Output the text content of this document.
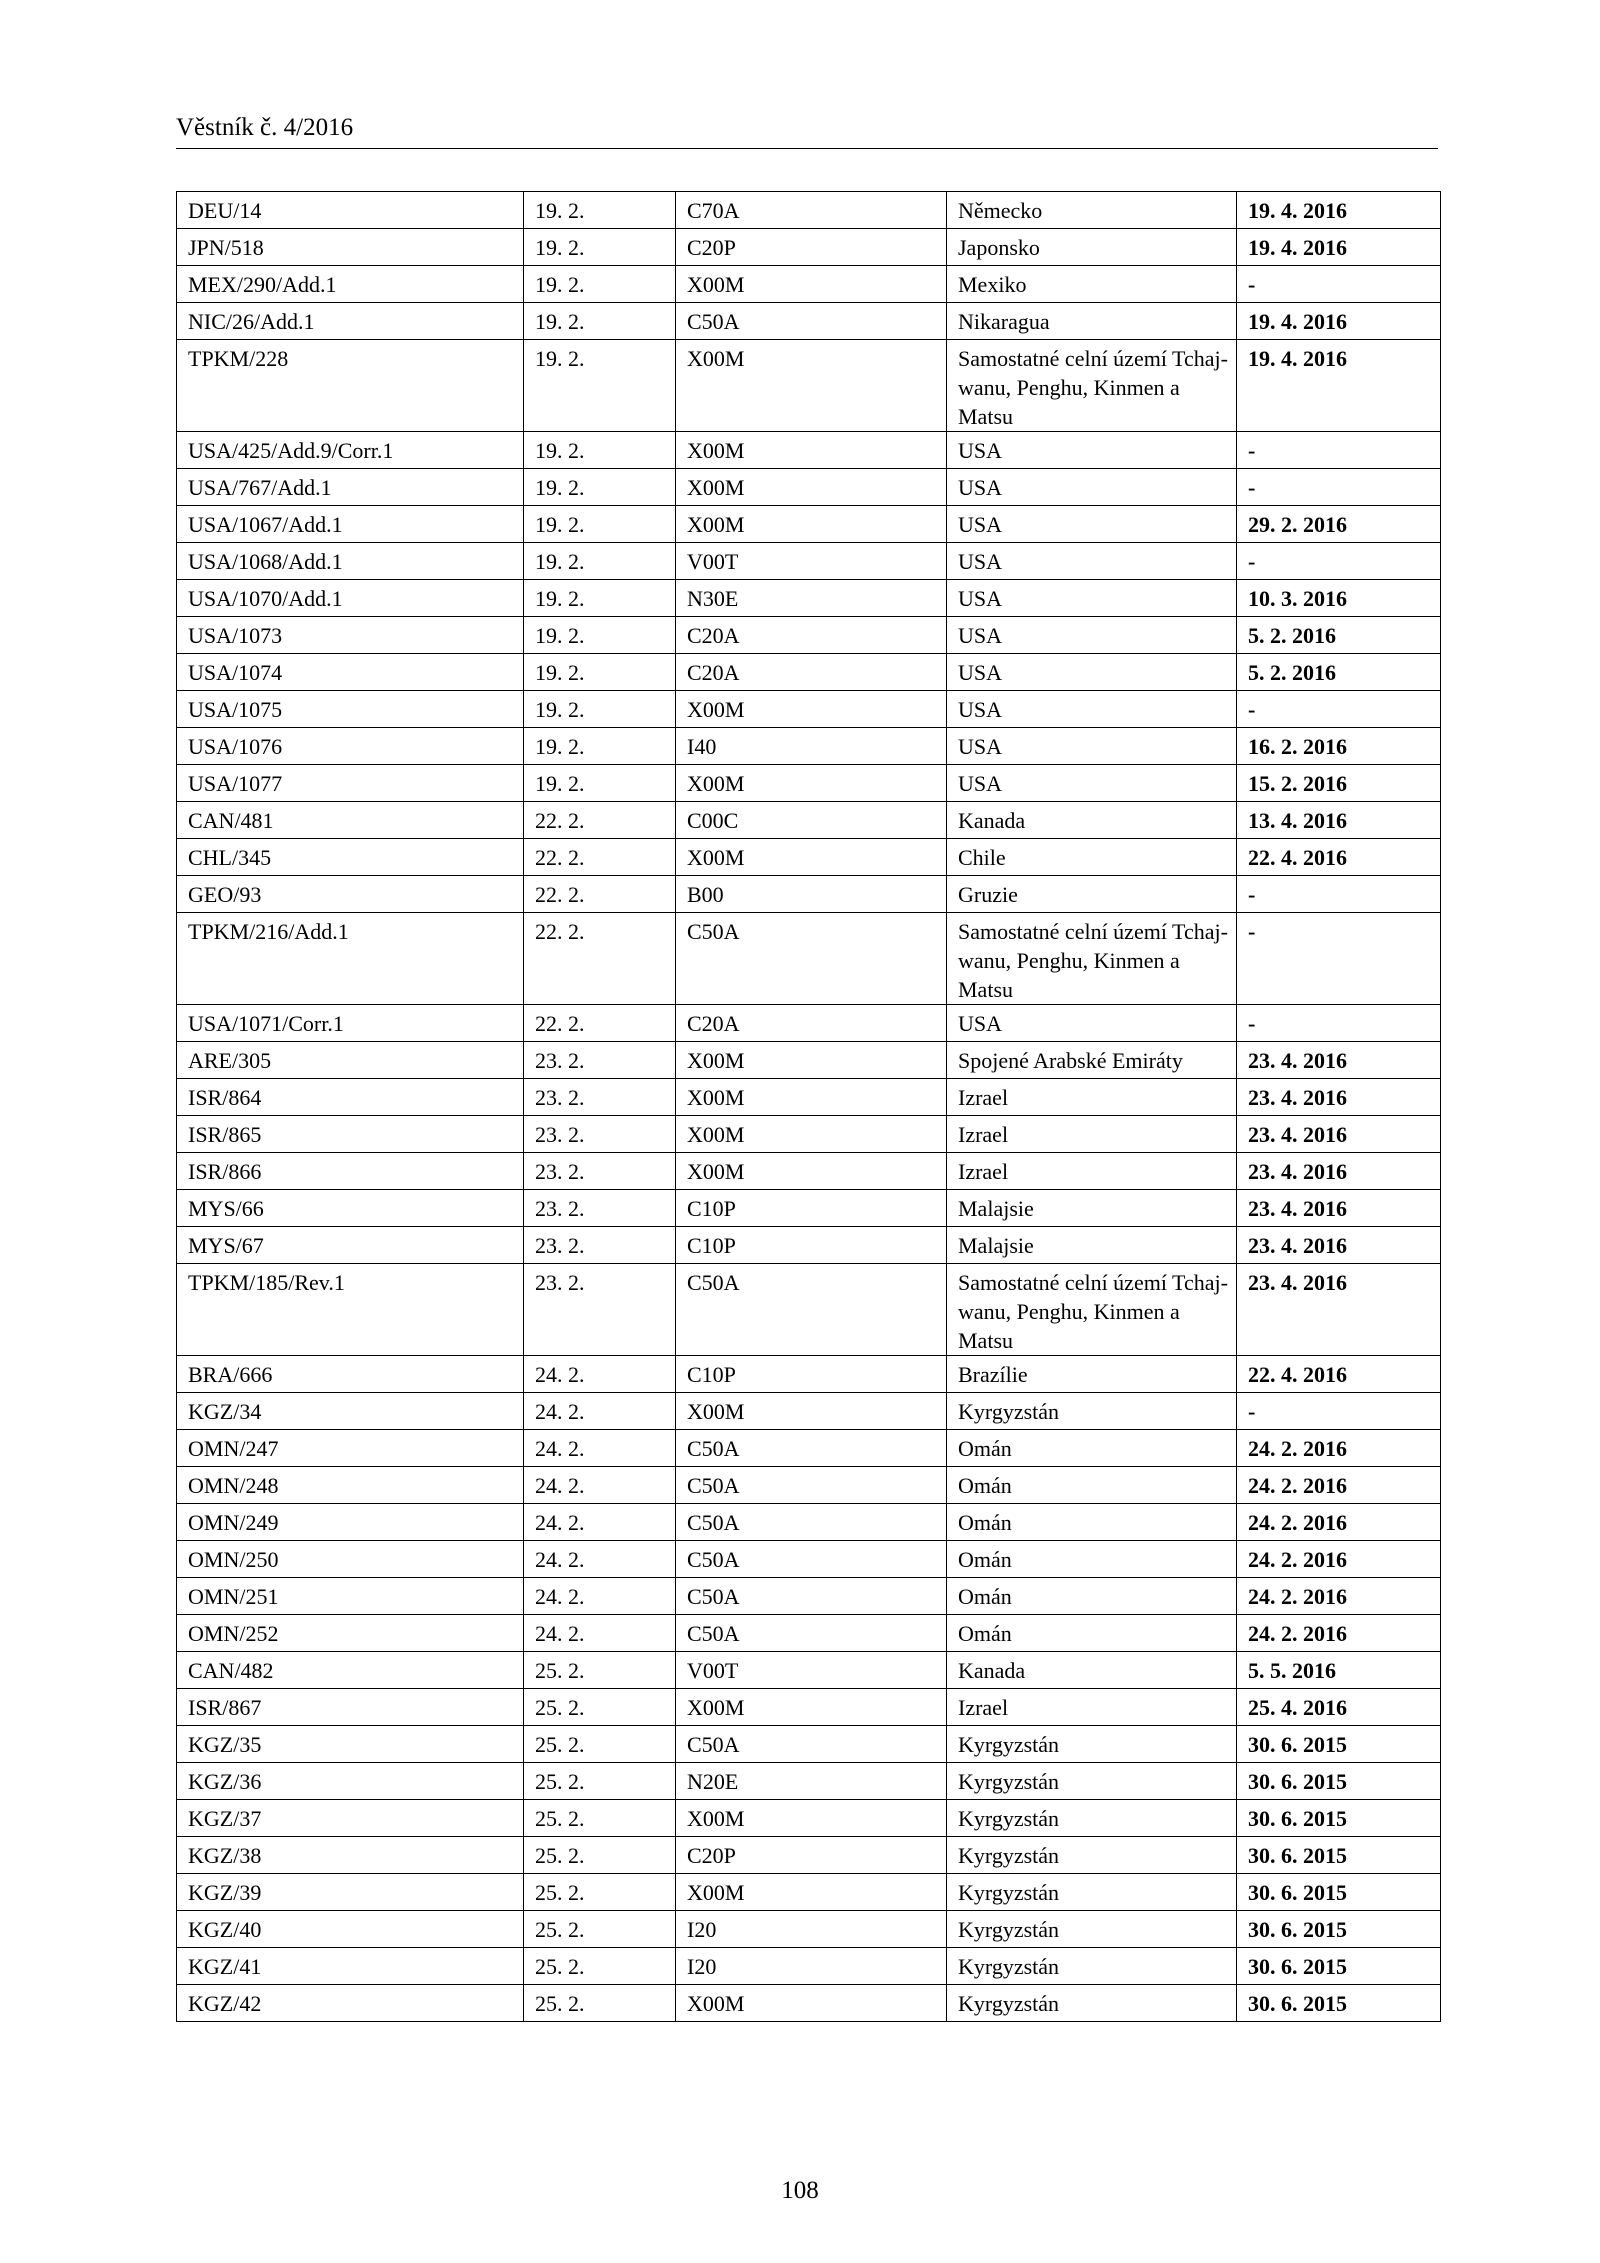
Věstník č. 4/2016
DEU/14	19. 2.	C70A	Německo	19. 4. 2016
JPN/518	19. 2.	C20P	Japonsko	19. 4. 2016
MEX/290/Add.1	19. 2.	X00M	Mexiko	-
NIC/26/Add.1	19. 2.	C50A	Nikaragua	19. 4. 2016
TPKM/228	19. 2.	X00M	Samostatné celní území Tchaj-wanu, Penghu, Kinmen a Matsu	19. 4. 2016
USA/425/Add.9/Corr.1	19. 2.	X00M	USA	-
USA/767/Add.1	19. 2.	X00M	USA	-
USA/1067/Add.1	19. 2.	X00M	USA	29. 2. 2016
USA/1068/Add.1	19. 2.	V00T	USA	-
USA/1070/Add.1	19. 2.	N30E	USA	10. 3. 2016
USA/1073	19. 2.	C20A	USA	5. 2. 2016
USA/1074	19. 2.	C20A	USA	5. 2. 2016
USA/1075	19. 2.	X00M	USA	-
USA/1076	19. 2.	I40	USA	16. 2. 2016
USA/1077	19. 2.	X00M	USA	15. 2. 2016
CAN/481	22. 2.	C00C	Kanada	13. 4. 2016
CHL/345	22. 2.	X00M	Chile	22. 4. 2016
GEO/93	22. 2.	B00	Gruzie	-
TPKM/216/Add.1	22. 2.	C50A	Samostatné celní území Tchaj-wanu, Penghu, Kinmen a Matsu	-
USA/1071/Corr.1	22. 2.	C20A	USA	-
ARE/305	23. 2.	X00M	Spojené Arabské Emiráty	23. 4. 2016
ISR/864	23. 2.	X00M	Izrael	23. 4. 2016
ISR/865	23. 2.	X00M	Izrael	23. 4. 2016
ISR/866	23. 2.	X00M	Izrael	23. 4. 2016
MYS/66	23. 2.	C10P	Malajsie	23. 4. 2016
MYS/67	23. 2.	C10P	Malajsie	23. 4. 2016
TPKM/185/Rev.1	23. 2.	C50A	Samostatné celní území Tchaj-wanu, Penghu, Kinmen a Matsu	23. 4. 2016
BRA/666	24. 2.	C10P	Brazílie	22. 4. 2016
KGZ/34	24. 2.	X00M	Kyrgyzstán	-
OMN/247	24. 2.	C50A	Omán	24. 2. 2016
OMN/248	24. 2.	C50A	Omán	24. 2. 2016
OMN/249	24. 2.	C50A	Omán	24. 2. 2016
OMN/250	24. 2.	C50A	Omán	24. 2. 2016
OMN/251	24. 2.	C50A	Omán	24. 2. 2016
OMN/252	24. 2.	C50A	Omán	24. 2. 2016
CAN/482	25. 2.	V00T	Kanada	5. 5. 2016
ISR/867	25. 2.	X00M	Izrael	25. 4. 2016
KGZ/35	25. 2.	C50A	Kyrgyzstán	30. 6. 2015
KGZ/36	25. 2.	N20E	Kyrgyzstán	30. 6. 2015
KGZ/37	25. 2.	X00M	Kyrgyzstán	30. 6. 2015
KGZ/38	25. 2.	C20P	Kyrgyzstán	30. 6. 2015
KGZ/39	25. 2.	X00M	Kyrgyzstán	30. 6. 2015
KGZ/40	25. 2.	I20	Kyrgyzstán	30. 6. 2015
KGZ/41	25. 2.	I20	Kyrgyzstán	30. 6. 2015
KGZ/42	25. 2.	X00M	Kyrgyzstán	30. 6. 2015
108
